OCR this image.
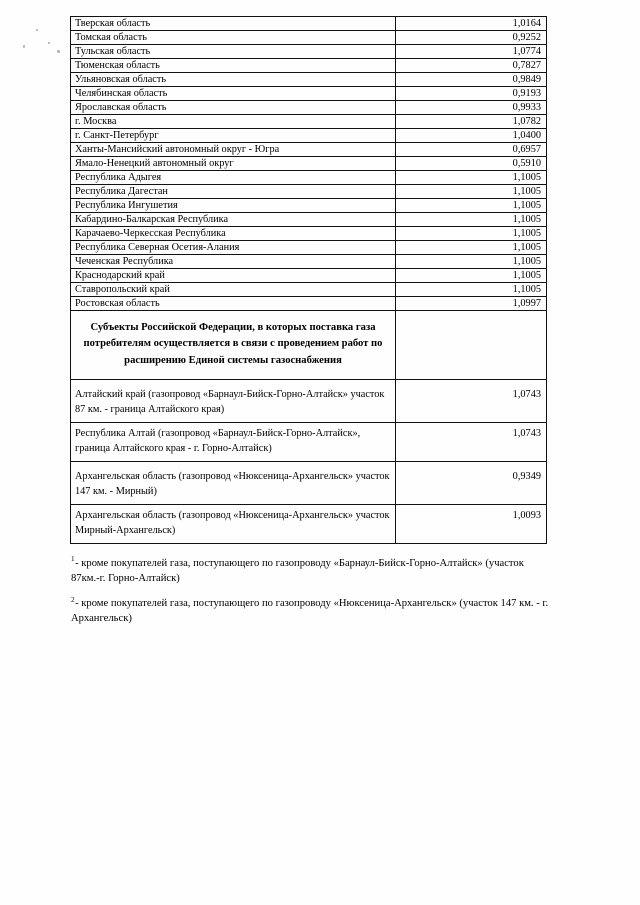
Тверская область	1,0164

Томская область	0,9252

Тульская область	1,0774

Тюменская область	0,7827

Ульяновская область	0,9849

Челябинская область	0,9193

Ярославская область	0,9933

г. Москва	1,0782

г. Санкт-Петербург	1,0400

Ханты-Мансийский автономный округ - Югра	0,6957

Ямало-Ненецкий автономный округ	0,5910

Республика Адыгея	1,1005

Республика Дагестан	1,1005

Республика Ингушетия	1,1005

Кабардино-Балкарская Республика	1,1005

Карачаево-Черкесская Республика	1,1005

Республика Северная Осетия-Алания	1,1005

Чеченская Республика	1,1005

Краснодарский край	1,1005

Ставропольский край	1,1005

Ростовская область	1,0997

Субъекты Российской Федерации, в которых поставка газа потребителям осуществляется в связи с проведением работ по расширению Единой системы газоснабжения	

Алтайский край (газопровод «Барнаул-Бийск-Горно-Алтайск» участок 87 км. - граница Алтайского края)	1,0743

Республика Алтай (газопровод «Барнаул-Бийск-Горно-Алтайск», граница Алтайского края - г. Горно-Алтайск)	1,0743

Архангельская область (газопровод «Нюксеница-Архангельск» участок 147 км. - Мирный)	0,9349

Архангельская область (газопровод «Нюксеница-Архангельск» участок Мирный-Архангельск)	1,0093
$^1$- кроме покупателей газа, поступающего по газопроводу «Барнаул-Бийск-Горно-Алтайск» (участок 87км.-г. Горно-Алтайск)
$^2$- кроме покупателей газа, поступающего по газопроводу «Нюксеница-Архангельск» (участок 147 км. - г. Архангельск)
